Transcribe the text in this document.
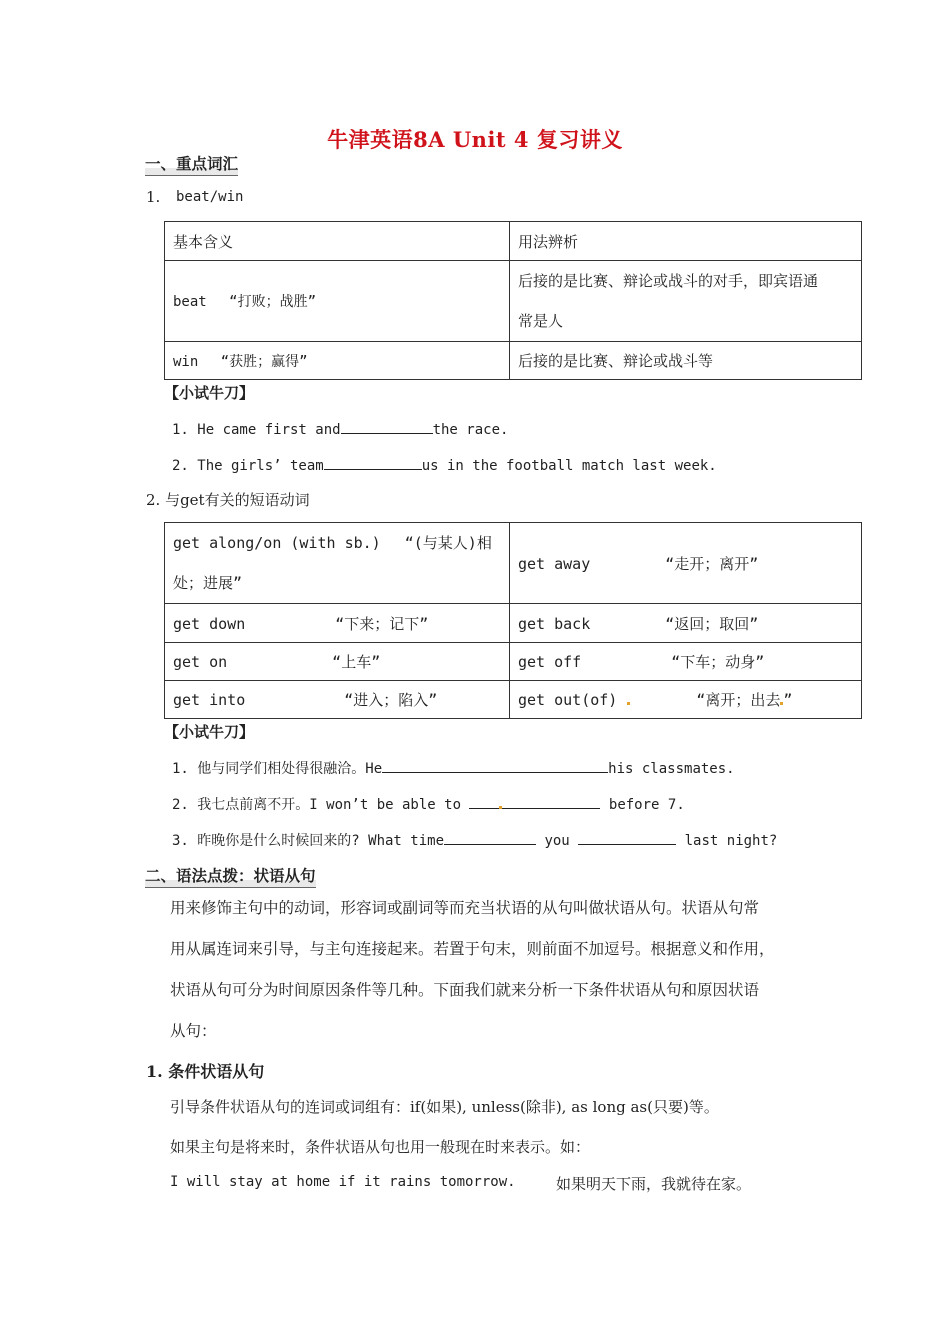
牛津英语8A Unit 4 复习讲义
一、重点词汇
1. beat/win
基本含义	用法辨析
beat　 “打败；战胜”	后接的是比赛、辩论或战斗的对手，即宾语通
常是人

win 　“获胜；赢得”	后接的是比赛、辩论或战斗等
【小试牛刀】
1. He came first and	the race.
2. The girls’ team	us in the football match last week.
2. 与get有关的短语动词
get along/on (with sb.)　 “(与某人)相
处；进展”	get away　　　　　“走开；离开”
get down　　　　　　“下来；记下”	get back　　　　　“返回；取回”
get on　　　　　　　“上车”	get off　　　　　　“下车；动身”
get into　　　　　　 “进入；陷入”	get out(of) “离开；出去 ”
【小试牛刀】
1. 他与同学们相处得很融洽。He	his classmates.
2. 我七点前离不开。I won’t be able to	before 7.
3. 昨晚你是什么时候回来的? What time	you	last night?
二、语法点拨：状语从句
用来修饰主句中的动词，形容词或副词等而充当状语的从句叫做状语从句。状语从句常
用从属连词来引导，与主句连接起来。若置于句末，则前面不加逗号。根据意义和作用，
状语从句可分为时间原因条件等几种。下面我们就来分析一下条件状语从句和原因状语
从句：
1. 条件状语从句
引导条件状语从句的连词或词组有：if(如果), unless(除非), as long as(只要)等。
如果主句是将来时，条件状语从句也用一般现在时来表示。如：
I will stay at home if it rains tomorrow.	如果明天下雨，我就待在家。
